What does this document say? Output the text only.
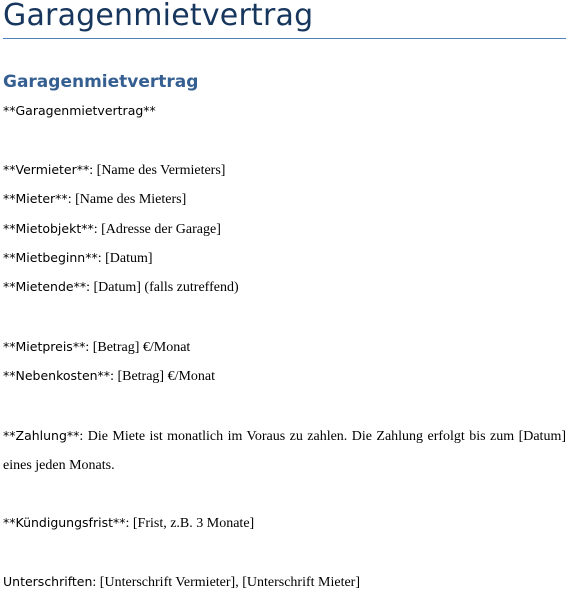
Garagenmietvertrag
Garagenmietvertrag

**Garagenmietvertrag**

**Vermieter**: [Name des Vermieters]

**Mieter**: [Name des Mieters]

**Mietobjekt**: [Adresse der Garage]

**Mietbeginn**: [Datum]

**Mietende**: [Datum] (falls zutreffend)

**Mietpreis**: [Betrag] €/Monat

**Nebenkosten**: [Betrag] €/Monat

**Zahlung**: Die Miete ist monatlich im Voraus zu zahlen. Die Zahlung erfolgt bis zum [Datum] eines jeden Monats.

**Kündigungsfrist**: [Frist, z.B. 3 Monate]

Unterschriften: [Unterschrift Vermieter], [Unterschrift Mieter]
